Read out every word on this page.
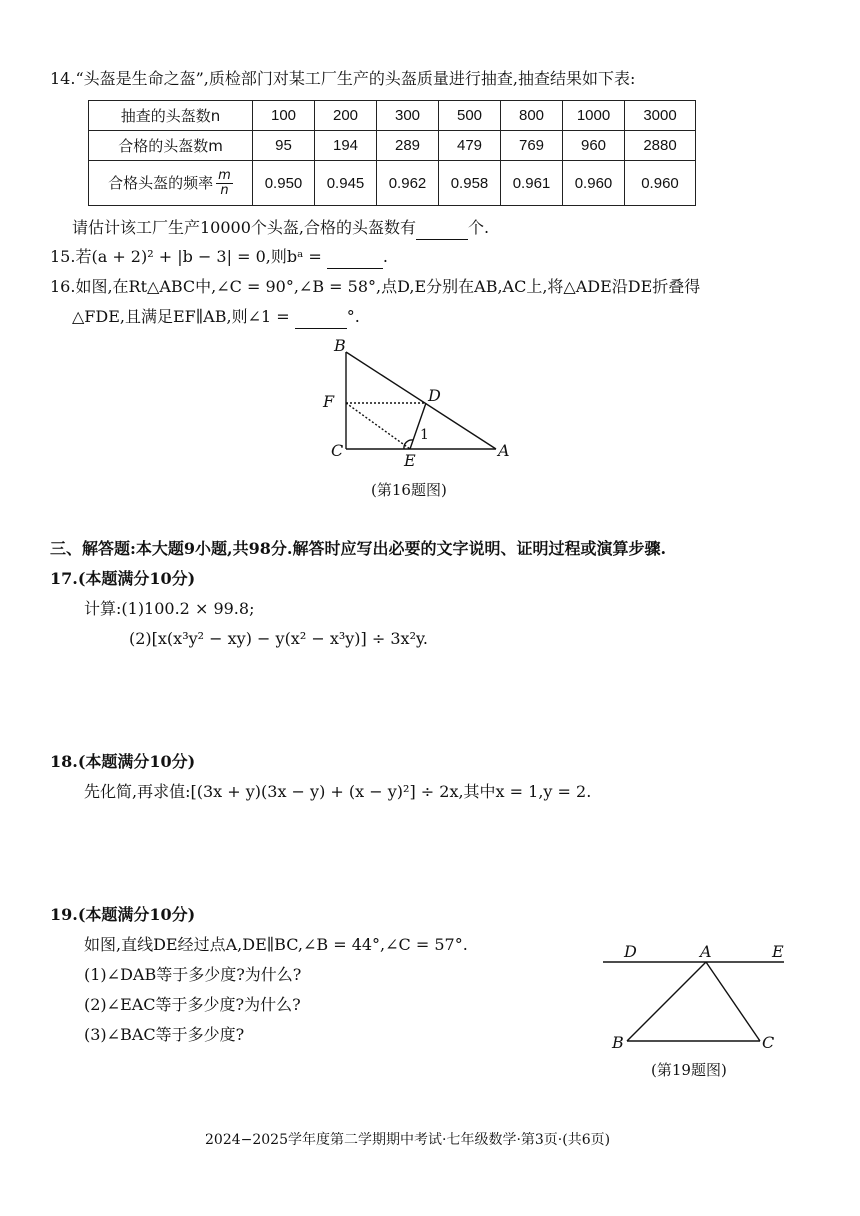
14.“头盔是生命之盔”,质检部门对某工厂生产的头盔质量进行抽查,抽查结果如下表:
抽查的头盔数n	100	200	300	500	800	1000	3000
合格的头盔数m	95	194	289	479	769	960	2880
合格头盔的频率 $\frac{m}{n}$	0.950	0.945	0.962	0.958	0.961	0.960	0.960
请估计该工厂生产10000个头盔,合格的头盔数有	个.
15.若(a + 2)² + |b − 3| = 0,则bᵃ =	.
16.如图,在Rt△ABC中,∠C = 90°,∠B = 58°,点D,E分别在AB,AC上,将△ADE沿DE折叠得
△FDE,且满足EF∥AB,则∠1 =	°.
B
F	D
1
C
E
A
(第16题图)
三、解答题:本大题9小题,共98分.解答时应写出必要的文字说明、证明过程或演算步骤.
17.(本题满分10分)
计算:(1)100.2 × 99.8;
(2)[x(x³y² − xy) − y(x² − x³y)] ÷ 3x²y.
18.(本题满分10分)
先化简,再求值:[(3x + y)(3x − y) + (x − y)²] ÷ 2x,其中x = 1,y = 2.
19.(本题满分10分)
如图,直线DE经过点A,DE∥BC,∠B = 44°,∠C = 57°.
(1)∠DAB等于多少度?为什么?
(2)∠EAC等于多少度?为什么?
(3)∠BAC等于多少度?
D	A	E
B	C
(第19题图)
2024−2025学年度第二学期期中考试·七年级数学·第3页·(共6页)
